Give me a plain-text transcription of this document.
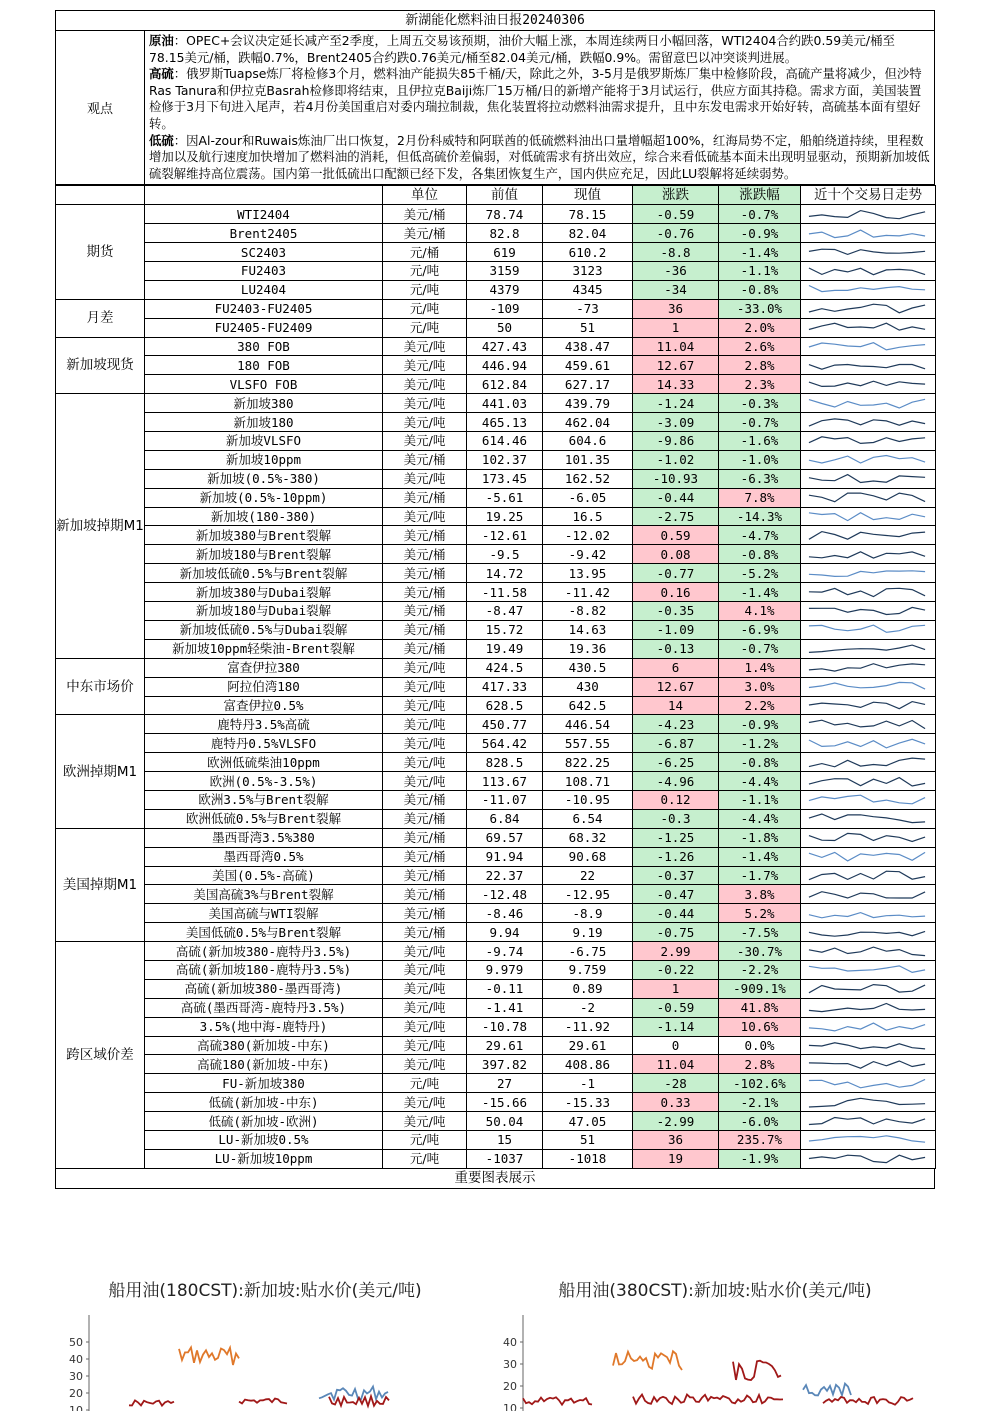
新湖能化燃料油日报20240306
观点

原油：OPEC+会议决定延长减产至2季度，上周五交易该预期，油价大幅上涨，本周连续两日小幅回落，WTI2404合约跌0.59美元/桶至78.15美元/桶，跌幅0.7%，Brent2405合约跌0.76美元/桶至82.04美元/桶，跌幅0.9%。需留意巴以冲突谈判进展。

高硫：俄罗斯Tuapse炼厂将检修3个月，燃料油产能损失85千桶/天，除此之外，3-5月是俄罗斯炼厂集中检修阶段，高硫产量将减少，但沙特Ras Tanura和伊拉克Basrah检修即将结束，且伊拉克Baiji炼厂15万桶/日的新增产能将于3月试运行，供应方面其持稳。需求方面，美国装置检修于3月下旬进入尾声，若4月份美国重启对委内瑞拉制裁，焦化装置将拉动燃料油需求提升，且中东发电需求开始好转，高硫基本面有望好转。

低硫：因Al-zour和Ruwais炼油厂出口恢复，2月份科威特和阿联酋的低硫燃料油出口量增幅超100%，红海局势不定，船舶绕道持续，里程数增加以及航行速度加快增加了燃料油的消耗，但低高硫价差偏弱，对低硫需求有挤出效应，综合来看低硫基本面未出现明显驱动，预期新加坡低硫裂解维持高位震荡。国内第一批低硫出口配额已经下发，各集团恢复生产，国内供应充足，因此LU裂解将延续弱势。

		单位	前值	现值	涨跌	涨跌幅	近十个交易日走势
期货	WTI2404	美元/桶	78.74	78.15	-0.59	-0.7%	

	Brent2405	美元/桶	82.8	82.04	-0.76	-0.9%	

	SC2403	元/桶	619	610.2	-8.8	-1.4%	

	FU2403	元/吨	3159	3123	-36	-1.1%	

	LU2404	元/吨	4379	4345	-34	-0.8%	

月差	FU2403-FU2405	元/吨	-109	-73	36	-33.0%	

	FU2405-FU2409	元/吨	50	51	1	2.0%	

新加坡现货	380 FOB	美元/吨	427.43	438.47	11.04	2.6%	

	180 FOB	美元/吨	446.94	459.61	12.67	2.8%	

	VLSFO FOB	美元/吨	612.84	627.17	14.33	2.3%	

新加坡掉期M1	新加坡380	美元/吨	441.03	439.79	-1.24	-0.3%	

	新加坡180	美元/吨	465.13	462.04	-3.09	-0.7%	

	新加坡VLSFO	美元/吨	614.46	604.6	-9.86	-1.6%	

	新加坡10ppm	美元/桶	102.37	101.35	-1.02	-1.0%	

	新加坡(0.5%-380)	美元/吨	173.45	162.52	-10.93	-6.3%	

	新加坡(0.5%-10ppm)	美元/桶	-5.61	-6.05	-0.44	7.8%	

	新加坡(180-380)	美元/吨	19.25	16.5	-2.75	-14.3%	

	新加坡380与Brent裂解	美元/桶	-12.61	-12.02	0.59	-4.7%	

	新加坡180与Brent裂解	美元/桶	-9.5	-9.42	0.08	-0.8%	

	新加坡低硫0.5%与Brent裂解	美元/桶	14.72	13.95	-0.77	-5.2%	

	新加坡380与Dubai裂解	美元/桶	-11.58	-11.42	0.16	-1.4%	

	新加坡180与Dubai裂解	美元/桶	-8.47	-8.82	-0.35	4.1%	

	新加坡低硫0.5%与Dubai裂解	美元/桶	15.72	14.63	-1.09	-6.9%	

	新加坡10ppm轻柴油-Brent裂解	美元/桶	19.49	19.36	-0.13	-0.7%	

中东市场价	富查伊拉380	美元/吨	424.5	430.5	6	1.4%	

	阿拉伯湾180	美元/吨	417.33	430	12.67	3.0%	

	富查伊拉0.5%	美元/吨	628.5	642.5	14	2.2%	

欧洲掉期M1	鹿特丹3.5%高硫	美元/吨	450.77	446.54	-4.23	-0.9%	

	鹿特丹0.5%VLSFO	美元/吨	564.42	557.55	-6.87	-1.2%	

	欧洲低硫柴油10ppm	美元/吨	828.5	822.25	-6.25	-0.8%	

	欧洲(0.5%-3.5%)	美元/吨	113.67	108.71	-4.96	-4.4%	

	欧洲3.5%与Brent裂解	美元/桶	-11.07	-10.95	0.12	-1.1%	

	欧洲低硫0.5%与Brent裂解	美元/桶	6.84	6.54	-0.3	-4.4%	

美国掉期M1	墨西哥湾3.5%380	美元/桶	69.57	68.32	-1.25	-1.8%	

	墨西哥湾0.5%	美元/桶	91.94	90.68	-1.26	-1.4%	

	美国(0.5%-高硫)	美元/桶	22.37	22	-0.37	-1.7%	

	美国高硫3%与Brent裂解	美元/桶	-12.48	-12.95	-0.47	3.8%	

	美国高硫与WTI裂解	美元/桶	-8.46	-8.9	-0.44	5.2%	

	美国低硫0.5%与Brent裂解	美元/桶	9.94	9.19	-0.75	-7.5%	

跨区域价差	高硫(新加坡380-鹿特丹3.5%)	美元/吨	-9.74	-6.75	2.99	-30.7%	

	高硫(新加坡180-鹿特丹3.5%)	美元/吨	9.979	9.759	-0.22	-2.2%	

	高硫(新加坡380-墨西哥湾)	美元/吨	-0.11	0.89	1	-909.1%	

	高硫(墨西哥湾-鹿特丹3.5%)	美元/吨	-1.41	-2	-0.59	41.8%	

	3.5%(地中海-鹿特丹)	美元/吨	-10.78	-11.92	-1.14	10.6%	

	高硫380(新加坡-中东)	美元/吨	29.61	29.61	0	0.0%	

	高硫180(新加坡-中东)	美元/吨	397.82	408.86	11.04	2.8%	

	FU-新加坡380	元/吨	27	-1	-28	-102.6%	

	低硫(新加坡-中东)	美元/吨	-15.66	-15.33	0.33	-2.1%	

	低硫(新加坡-欧洲)	美元/吨	50.04	47.05	-2.99	-6.0%	

	LU-新加坡0.5%	元/吨	15	51	36	235.7%	

	LU-新加坡10ppm	元/吨	-1037	-1018	19	-1.9%	
重要图表展示
船用油(180CST):新加坡:贴水价(美元/吨)
50
40
30
20
10
船用油(380CST):新加坡:贴水价(美元/吨)
40
30
20
10
